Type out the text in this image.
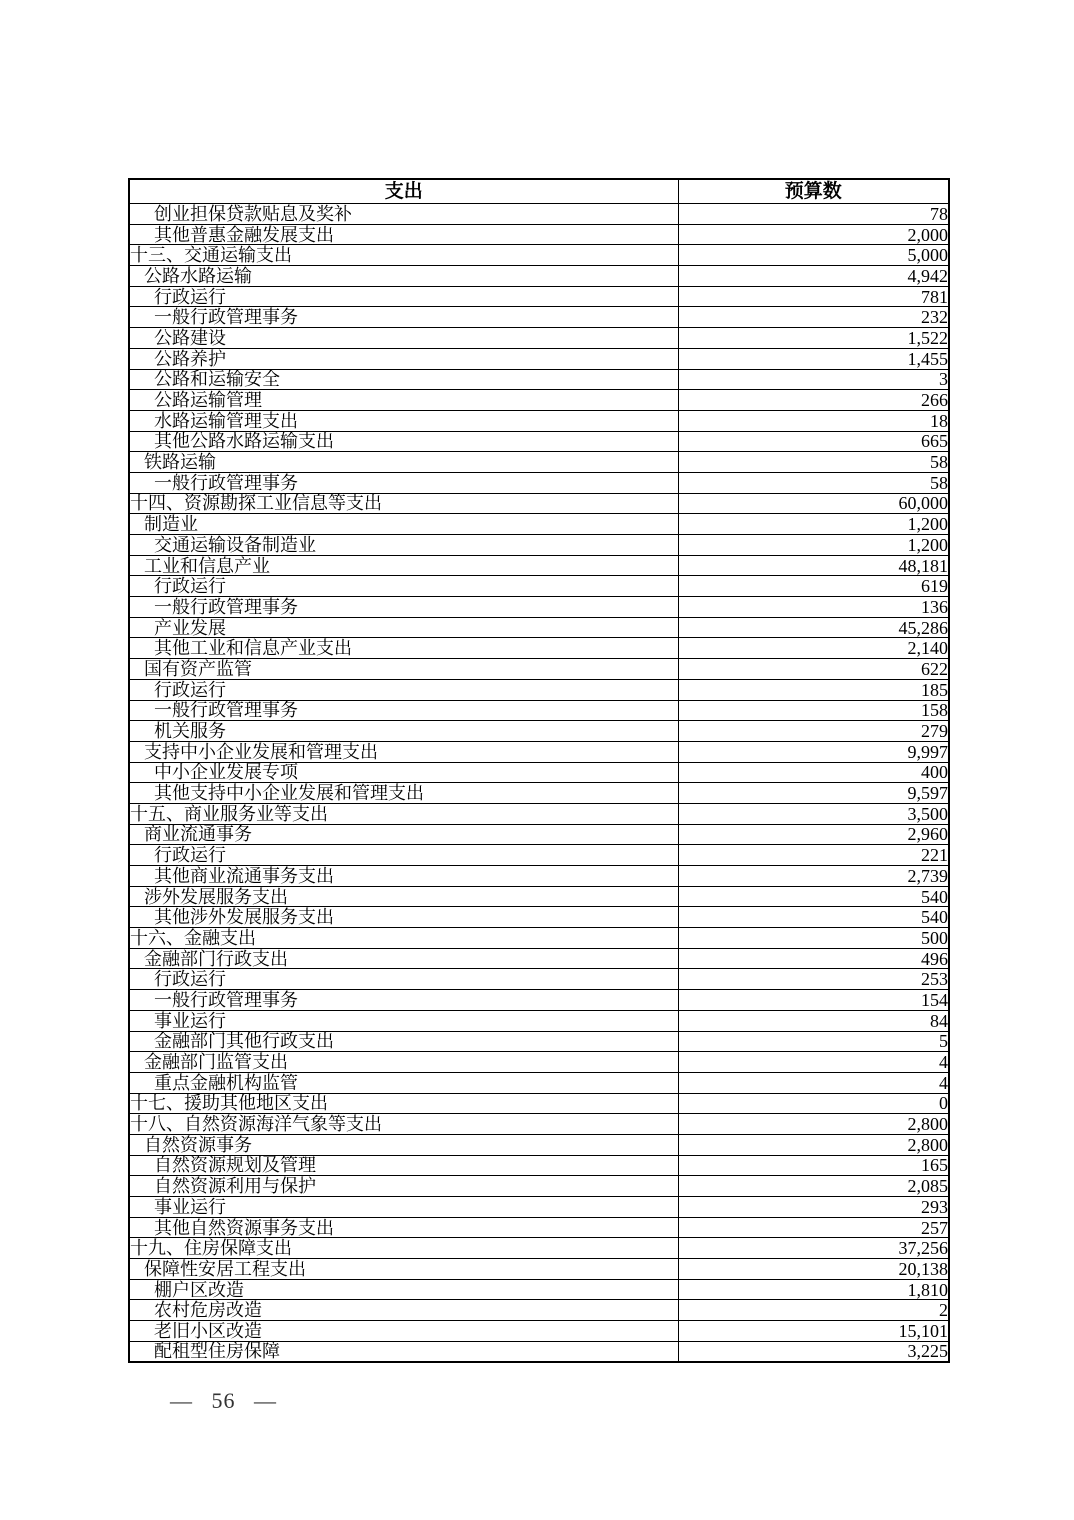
支出	预算数
创业担保贷款贴息及奖补	78
其他普惠金融发展支出	2,000
十三、交通运输支出	5,000
公路水路运输	4,942
行政运行	781
一般行政管理事务	232
公路建设	1,522
公路养护	1,455
公路和运输安全	3
公路运输管理	266
水路运输管理支出	18
其他公路水路运输支出	665
铁路运输	58
一般行政管理事务	58
十四、资源勘探工业信息等支出	60,000
制造业	1,200
交通运输设备制造业	1,200
工业和信息产业	48,181
行政运行	619
一般行政管理事务	136
产业发展	45,286
其他工业和信息产业支出	2,140
国有资产监管	622
行政运行	185
一般行政管理事务	158
机关服务	279
支持中小企业发展和管理支出	9,997
中小企业发展专项	400
其他支持中小企业发展和管理支出	9,597
十五、商业服务业等支出	3,500
商业流通事务	2,960
行政运行	221
其他商业流通事务支出	2,739
涉外发展服务支出	540
其他涉外发展服务支出	540
十六、金融支出	500
金融部门行政支出	496
行政运行	253
一般行政管理事务	154
事业运行	84
金融部门其他行政支出	5
金融部门监管支出	4
重点金融机构监管	4
十七、援助其他地区支出	0
十八、自然资源海洋气象等支出	2,800
自然资源事务	2,800
自然资源规划及管理	165
自然资源利用与保护	2,085
事业运行	293
其他自然资源事务支出	257
十九、住房保障支出	37,256
保障性安居工程支出	20,138
棚户区改造	1,810
农村危房改造	2
老旧小区改造	15,101
配租型住房保障	3,225
— 56 —
